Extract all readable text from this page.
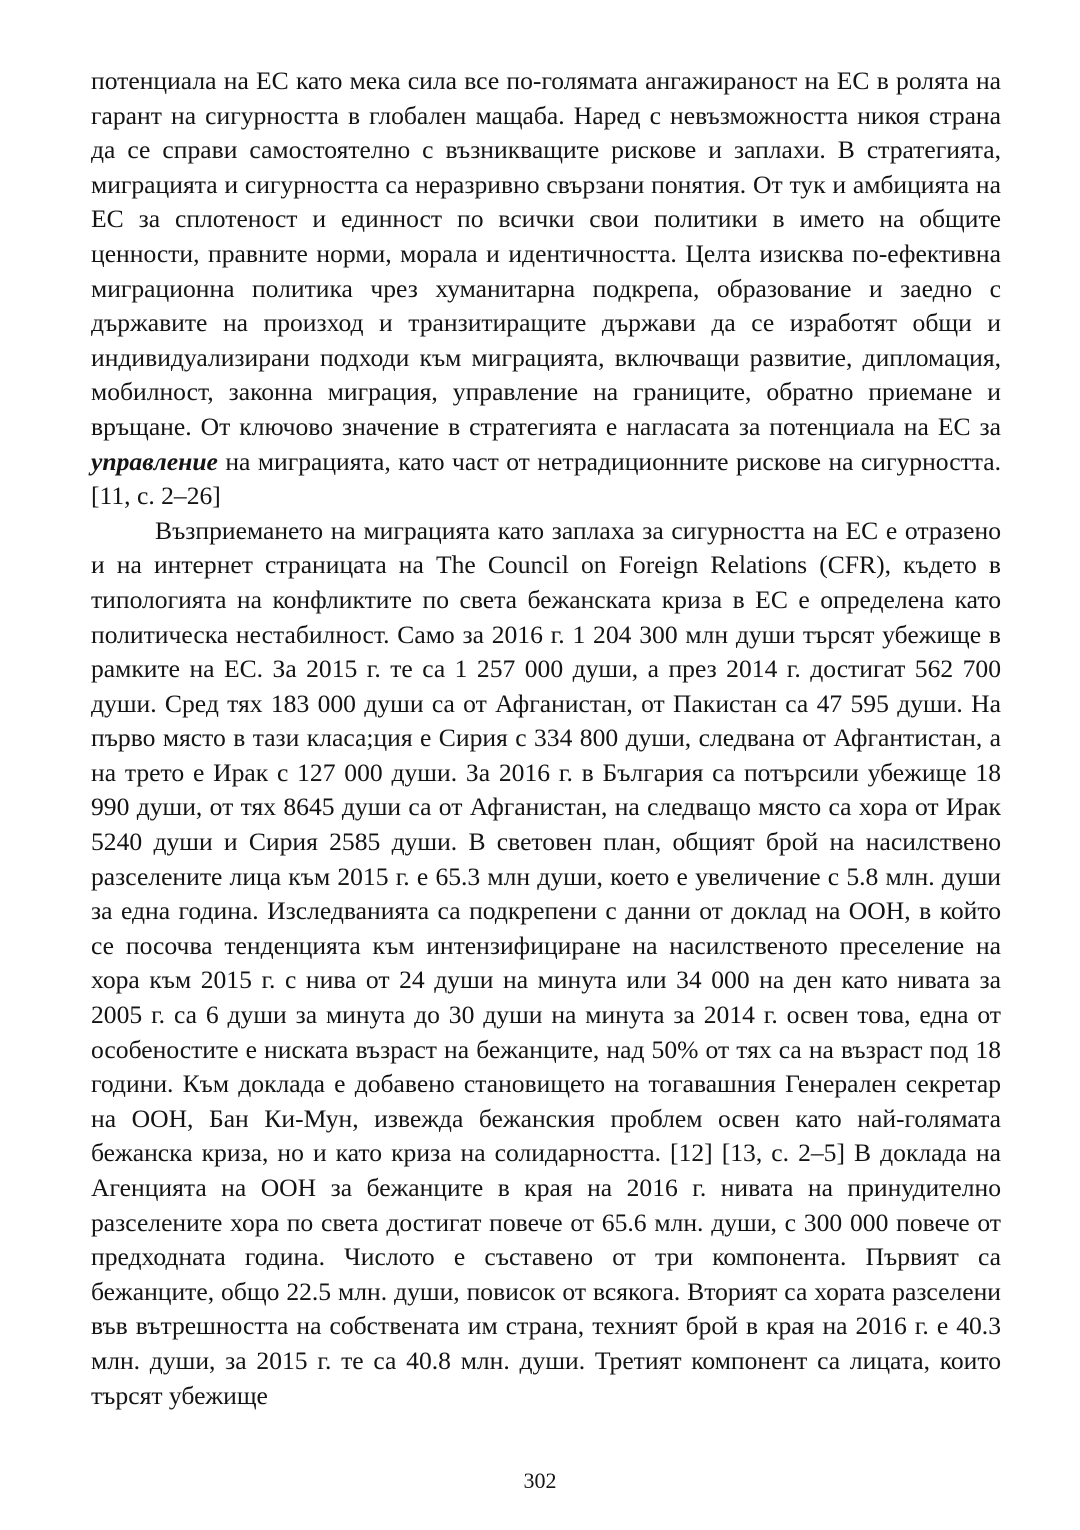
потенциала на ЕС като мека сила все по-голямата ангажираност на ЕС в ролята на гарант на сигурността в глобален мащаба. Наред с невъзможността никоя страна да се справи самостоятелно с възникващите рискове и заплахи. В стратегията, миграцията и сигурността са неразривно свързани понятия. От тук и амбицията на ЕС за сплотеност и единност по всички свои политики в името на общите ценности, правните норми, морала и идентичността. Целта изисква по-ефективна миграционна политика чрез хуманитарна подкрепа, образование и заедно с държавите на произход и транзитиращите държави да се изработят общи и индивидуализирани подходи към миграцията, включващи развитие, дипломация, мобилност, законна миграция, управление на границите, обратно приемане и връщане. От ключово значение в стратегията е нагласата за потенциала на ЕС за управление на миграцията, като част от нетрадиционните рискове на сигурността.[11, с. 2–26]

Възприемането на миграцията като заплаха за сигурността на ЕС е отразено и на интернет страницата на The Council on Foreign Relations (CFR), където в типологията на конфликтите по света бежанската криза в ЕС е определена като политическа нестабилност. Само за 2016 г. 1 204 300 млн души търсят убежище в рамките на ЕС. За 2015 г. те са 1 257 000 души, а през 2014 г. достигат 562 700 души. Сред тях 183 000 души са от Афганистан, от Пакистан са 47 595 души. На първо място в тази класа;ция е Сирия с 334 800 души, следвана от Афгантистан, а на трето е Ирак с 127 000 души. За 2016 г. в България са потърсили убежище 18 990 души, от тях 8645 души са от Афганистан, на следващо място са хора от Ирак 5240 души и Сирия 2585 души. В световен план, общият брой на насилствено разселените лица към 2015 г. е 65.3 млн души, което е увеличение с 5.8 млн. души за една година. Изследванията са подкрепени с данни от доклад на ООН, в който се посочва тенденцията към интензифициране на насилственото преселение на хора към 2015 г. с нива от 24 души на минута или 34 000 на ден като нивата за 2005 г. са 6 души за минута до 30 души на минута за 2014 г. освен това, една от особеностите е ниската възраст на бежанците, над 50% от тях са на възраст под 18 години. Към доклада е добавено становището на тогавашния Генерален секретар на ООН, Бан Ки-Мун, извежда бежанския проблем освен като най-голямата бежанска криза, но и като криза на солидарността. [12] [13, с. 2–5] В доклада на Агенцията на ООН за бежанците в края на 2016 г. нивата на принудително разселените хора по света достигат повече от 65.6 млн. души, с 300 000 повече от предходната година. Числото е съставено от три компонента. Първият са бежанците, общо 22.5 млн. души, повисок от всякога. Вторият са хората разселени във вътрешността на собствената им страна, техният брой в края на 2016 г. е 40.3 млн. души, за 2015 г. те са 40.8 млн. души. Третият компонент са лицата, които търсят убежище

302
